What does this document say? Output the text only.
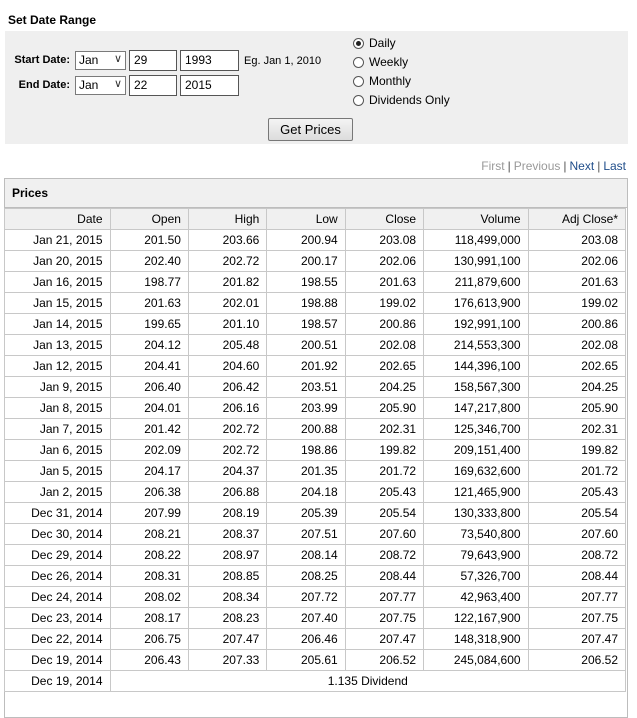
Set Date Range
Start Date: Jan ∨	29	1993
End Date: Jan ∨	22	2015
Eg. Jan 1, 2010
Daily
Weekly
Monthly
Dividends Only
Get Prices
First | Previous | Next | Last
Prices
Date	Open	High	Low	Close	Volume	Adj Close*
Jan 21, 2015	201.50	203.66	200.94	203.08	118,499,000	203.08
Jan 20, 2015	202.40	202.72	200.17	202.06	130,991,100	202.06
Jan 16, 2015	198.77	201.82	198.55	201.63	211,879,600	201.63
Jan 15, 2015	201.63	202.01	198.88	199.02	176,613,900	199.02
Jan 14, 2015	199.65	201.10	198.57	200.86	192,991,100	200.86
Jan 13, 2015	204.12	205.48	200.51	202.08	214,553,300	202.08
Jan 12, 2015	204.41	204.60	201.92	202.65	144,396,100	202.65
Jan 9, 2015	206.40	206.42	203.51	204.25	158,567,300	204.25
Jan 8, 2015	204.01	206.16	203.99	205.90	147,217,800	205.90
Jan 7, 2015	201.42	202.72	200.88	202.31	125,346,700	202.31
Jan 6, 2015	202.09	202.72	198.86	199.82	209,151,400	199.82
Jan 5, 2015	204.17	204.37	201.35	201.72	169,632,600	201.72
Jan 2, 2015	206.38	206.88	204.18	205.43	121,465,900	205.43
Dec 31, 2014	207.99	208.19	205.39	205.54	130,333,800	205.54
Dec 30, 2014	208.21	208.37	207.51	207.60	73,540,800	207.60
Dec 29, 2014	208.22	208.97	208.14	208.72	79,643,900	208.72
Dec 26, 2014	208.31	208.85	208.25	208.44	57,326,700	208.44
Dec 24, 2014	208.02	208.34	207.72	207.77	42,963,400	207.77
Dec 23, 2014	208.17	208.23	207.40	207.75	122,167,900	207.75
Dec 22, 2014	206.75	207.47	206.46	207.47	148,318,900	207.47
Dec 19, 2014	206.43	207.33	205.61	206.52	245,084,600	206.52
Dec 19, 2014	1.135 Dividend					
